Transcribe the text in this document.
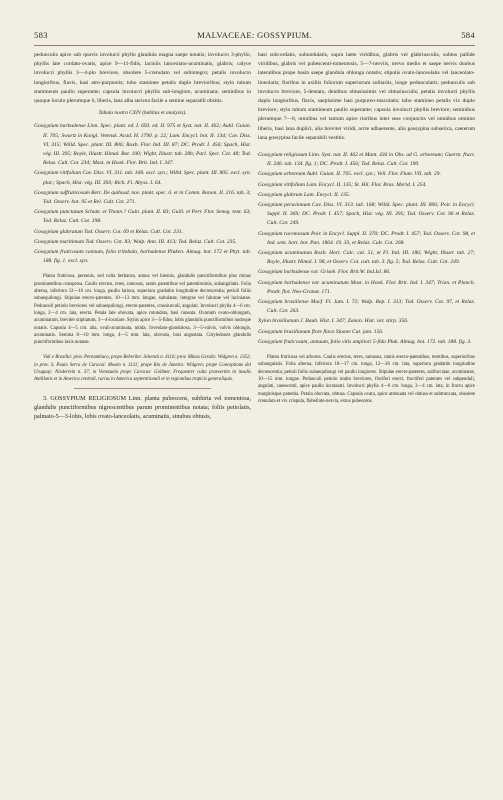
583	MALVACEAE: GOSSYPIUM.	584

pedunculis apice sub quovis involucri phyllo glandula magna saepe notatis; involucro 3-phyllo, phyllis late cordato-ovatis, apice 9—11-fidis, laciniis lanceolato-acuminatis, glabris; calyce involucri phyllis 3—4-plo breviore, obsolete 5-crenulato vel subintegro; petalis involucro longioribus, flavis, basi atro-purpureis; tubo staminee petalis duplo brevioribus; stylo tubum stamineum paullo superante; capsula involucri phyllis sub-longiore, acuminata; seminibus in quoque loculo plerumque 6, liberis, lana alba sericea facile a semine separatili obsitis.

Tabula nostra CXIV (habitus et analysis).

Gossypium barbadense Linn. Spec. plant. ed. I. 693. ed. II. 975 et Syst. nat. II. 462; Aubl. Guian. II. 705; Swartz in Kongl. Vetensk. Acad. H. 1790. p. 22; Lam. Encycl. bot. II. 134; Cav. Diss. VI. 315; Willd. Spec. plant. III. 806; Roxb. Flor. Ind. III. 87; DC. Prodr. I. 456; Spach, Hist. vég. III. 395; Royle, Illustr. Himal. Bot. 100; Wight, Illustr. tab. 28b; Parl. Spec. Cot. 48; Tod. Relaz. Cult. Cot. 234; Mast. in Hook. Flor. Brit. Ind. I. 347.

Gossypium vitifolium Cav. Diss. VI. 311. tab. 168. excl. syn.; Willd. Spec. plant. III. 805. excl. syn. plur.; Spach, Hist. vég. III. 393; Rich. Fl. Abyss. I. 64.

Gossypium suffruticosum Bert. De quibusd. nov. plant. spec. 6. et in Comm. Bonon. II. 216. tab. 3; Tod. Osserv. bot. 95 et Rel. Cult. Cot. 271.

Gossypium punctatum Schum. et Thonn.? Guin. plant. II. 83; Guill. et Perr. Flor. Seneg. tent. 63; Tod. Relaz. Cult. Cot. 198.

Gossypium glabratum Tod. Osserv. Cot. 69 et Relaz. Cult. Cot. 231.

Gossypium maritimum Tod. Osserv. Cot. 83; Walp. Ann. III. 413; Tod. Relaz. Cult. Cot. 235.

Gossypium fruticosum cannum, folio trilobalo, barbadense Pluken. Almag. bot. 172 et Phyt. tab. 188. fig. 1. excl. syn.

Planta fruticosa, perennis, sed culta herbacea, annua vel biennis, glandulis punctiformibus plus minus prominentibus conspersa. Caulis erectus, teres, ramosus, ramis patentibus vel patentissimis, subangulatis. Folia alterna, inferiora 12—16 cm. longa, paullo latiora, superiora gradatim longitudine decrescentia; petioli foliis subaequilongi. Stipulae erecto-patentes, 10—13 mm. longae, subulatae, integrae vel falcatae vel laciniatae. Pedunculi petiolo breviores vel subaequilongi, erecto-patentes, crassiusculi, angulati. Involucri phylla 4—6 cm. longa, 2—4 cm. lata, erecta. Petala late obovata, apice rotundata, basi cuneata. Ovarium ovato-oblongum, acuminatum, breviter stipitatum, 3—4-loculare. Stylus apice 3—5-fidus, lobis glandulis punctiformibus nudoque notatis. Capsula 4—5 cm. alta, ovali-acuminata, nitida, foveolato-glandulosa, 3—5-valvis, valvis oblongis, acuminatis. Semina 8—10 mm. longa, 4—5 mm. lata, obovata, basi angustata. Cotyledones glandulis punctiformibus laxis notatae.

Vidi e Brasilia: prov. Pernambuco, prope Beberibe: Schenck n. 4116; prov. Minas Geraës: Widgren n. 1352; in prov. S. Paulo Serra de Caracol: Mosén n. 1131; prope Rio de Janeiro: Widgren; prope Conceptione del Uruguay: Niederlein n. 37; in Venezuela prope Caracas: Gollmer. Frequenter culta praesertim in insulis Antillanis et in America centrali, rarius in America septentrionali et in regionibus tropicis generaliquis.

3. GOSSYPIUM RELIGIOSUM Linn. planta pubescens, subhirta vel tomentosa, glandulis punctiformibus nigrescentibus parum prominentibus notata; foliis petiolatis, palmato-5—3-lobis, lobis ovato-lanceolatis, acuminatis, sinubus obtusis,

basi subcordatis, subundulatis, supra laete viridibus, glabris vel glabriusculis, subtus pallide viridibus, glabris vel pubescenti-tomentosis, 5—7-nerviis, nervo medio et saepe nervis duobus lateralibus prope basin saepe glandula oblonga notatis; stipulis ovato-lanceolatis vel lanceolato-lineolatis; floribus in axillis foliorum superiorum solitariis, longe pedunculatis; pedunculis sub involucro breviore, 5-dentato, dentibus obtusissimis vel obtusiusculis; petalis involucri phyllis duplo longioribus, flavis, saepissime basi purpureo-maculatis; tubo stamineo petalis vix duplo breviore; stylo tubum stamineum paullo superante; capsula involucri phyllis breviore; seminibus plerumque 7—8, omnibus vel tantum apice rioribus inter sese conjunctis vel omnibus omnino liberis, basi lana duplici, alia breviter viridi, arcte adhaerente, alia gossypina subserica, caeterum lana gossypina facile separabili vestitis.

Gossypium religiosum Linn. Syst. nat. II. 462 et Mant. 436 in Obs. ad G. arboreum; Guertn. fruct. II. 246. tab. 134. fig. 1; DC. Prodr. I. 456; Tod. Relaz. Cult. Cot. 190.

Gossypium arboreum Aubl. Guian. II. 705. excl. syn.; Vell. Flor. Flum. VII. tab. 29.

Gossypium vitifolium Lam. Encycl. II. 135; St. Hil. Flor. Bras. Merid. I. 254.

Gossypium glabrum Lam. Encycl. II. 135.

Gossypium peruvianum Cav. Diss. VI. 313. tab. 168; Willd. Spec. plant. III. 806; Poir. in Encycl. Suppl. II. 369; DC. Prodr. I. 457; Spach, Hist. vég. III. 395; Tod. Osserv. Cot. 96 et Relaz. Cult. Cot. 249.

Gossypium racemosum Poir. in Encycl. Suppl. II. 370; DC. Prodr. I. 457; Tod. Osserv. Cot. 98, et Ind. sem. hort. bot. Pan. 1864. 19. 33, et Relaz. Cult. Cot. 268.

Gossypium acuminatum Roxb. Hort. Calc. cat. 51, et Fl. Ind. III. 186; Wight, Illustr. tab. 27; Royle, Illustr. Himal. I. 98, et Osserv. Cot. cult. tab. 3. fig. 5; Tod. Relaz. Cult. Cot. 249.

Gossypium barbadense var. Griseb. Flor. Brit.W. Ind.Isl. 86.

Gossypium barbadense var. acuminatum Mast. in Hook. Flor. Brit. Ind. I. 347; Trian. et Planch. Prodr. flor. Neo-Granat. 171.

Gossypium brasiliense Macf. Fl. Jam. I. 72; Walp. Rep. I. 313; Tod. Osserv. Cot. 97, et Relaz. Cult. Cot. 263.

Xylon brasilianum J. Bauh. Hist. I. 347; Zanon. Hist. var. stirp. 356.

Gossypium brasilianum flore flavo Sloane Cat. jam. 156.

Gossypium fruticosum, annuum, folio vitis ampliori 5-fido Pluk. Almag. bot. 172. tab. 188. fig. 3.

Planta fruticosa vel arborea. Caulis erectus, teres, ramosus, ramis erecto-patentibus, teretibus, superioribus subangulatis. Folia alterna, inferiora 10—17 cm. longa, 12—20 cm. lata, superiora gradatim longitudine decrescentia; petioli foliis subaequilongi vel paullo longiores. Stipulae erecto-patentes, subfurcatae, acuminatae, 10—15 mm. longae. Pedunculi petiolo multo breviores, floriferi erecti, fructiferi patentes vel subpenduli, angulati, canescenti, apice paullo incrassati. Involucri phylla 4—6 cm. longa, 3—4 cm. lata, in fructu apice marginisque patentia. Petala obovata, obtusa. Capsula ovata, apice attenuata vel obtusa et subtruncata, obsolete crenulata et vix crispula, flabellato-nervia, extus pubescens.
